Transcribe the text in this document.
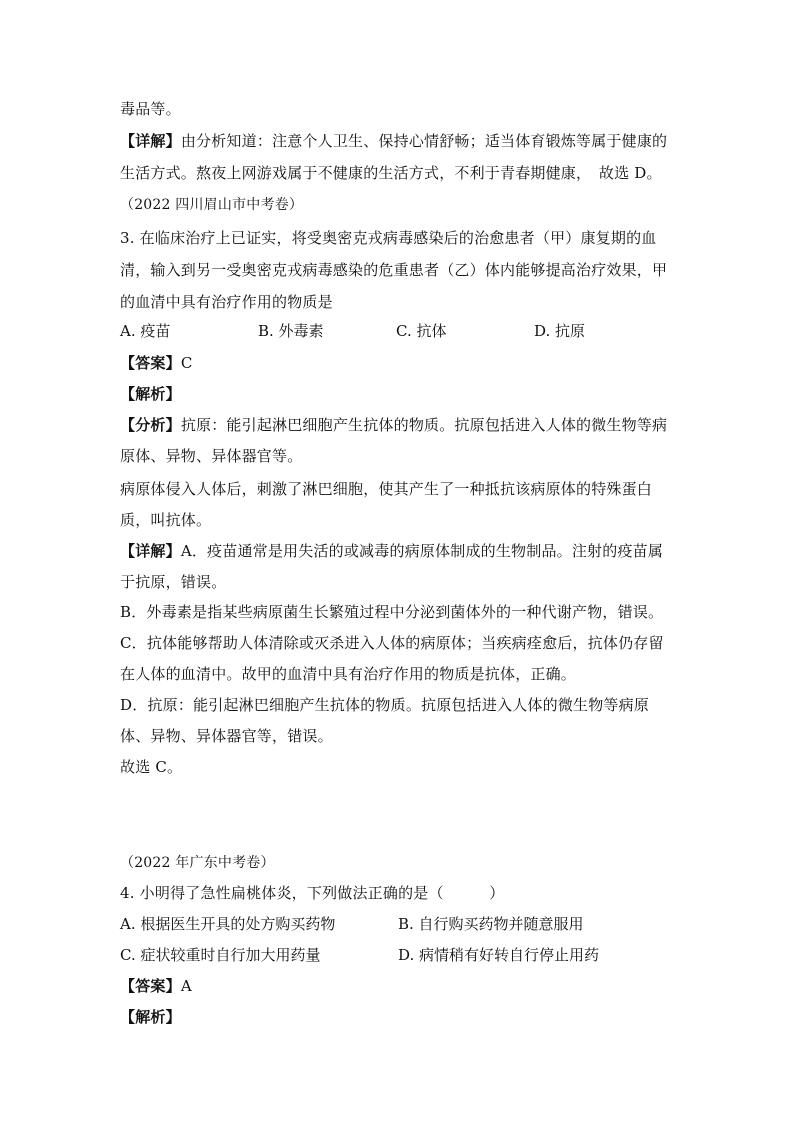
毒品等。
【详解】由分析知道：注意个人卫生、保持心情舒畅；适当体育锻炼等属于健康的
生活方式。熬夜上网游戏属于不健康的生活方式，不利于青春期健康，　故选 D。
（2022 四川眉山市中考卷）
3. 在临床治疗上已证实，将受奥密克戎病毒感染后的治愈患者（甲）康复期的血
清，输入到另一受奥密克戎病毒感染的危重患者（乙）体内能够提高治疗效果，甲
的血清中具有治疗作用的物质是
A. 疫苗	B. 外毒素	C. 抗体	D. 抗原
【答案】C
【解析】
【分析】抗原：能引起淋巴细胞产生抗体的物质。抗原包括进入人体的微生物等病
原体、异物、异体器官等。
病原体侵入人体后，刺激了淋巴细胞，使其产生了一种抵抗该病原体的特殊蛋白
质，叫抗体。
【详解】A．疫苗通常是用失活的或减毒的病原体制成的生物制品。注射的疫苗属
于抗原，错误。
B．外毒素是指某些病原菌生长繁殖过程中分泌到菌体外的一种代谢产物，错误。
C．抗体能够帮助人体清除或灭杀进入人体的病原体；当疾病痊愈后，抗体仍存留
在人体的血清中。故甲的血清中具有治疗作用的物质是抗体，正确。
D．抗原：能引起淋巴细胞产生抗体的物质。抗原包括进入人体的微生物等病原
体、异物、异体器官等，错误。
故选 C。
（2022 年广东中考卷）
4. 小明得了急性扁桃体炎，下列做法正确的是（　　　）
A. 根据医生开具的处方购买药物	B. 自行购买药物并随意服用
C. 症状较重时自行加大用药量	D. 病情稍有好转自行停止用药
【答案】A
【解析】
